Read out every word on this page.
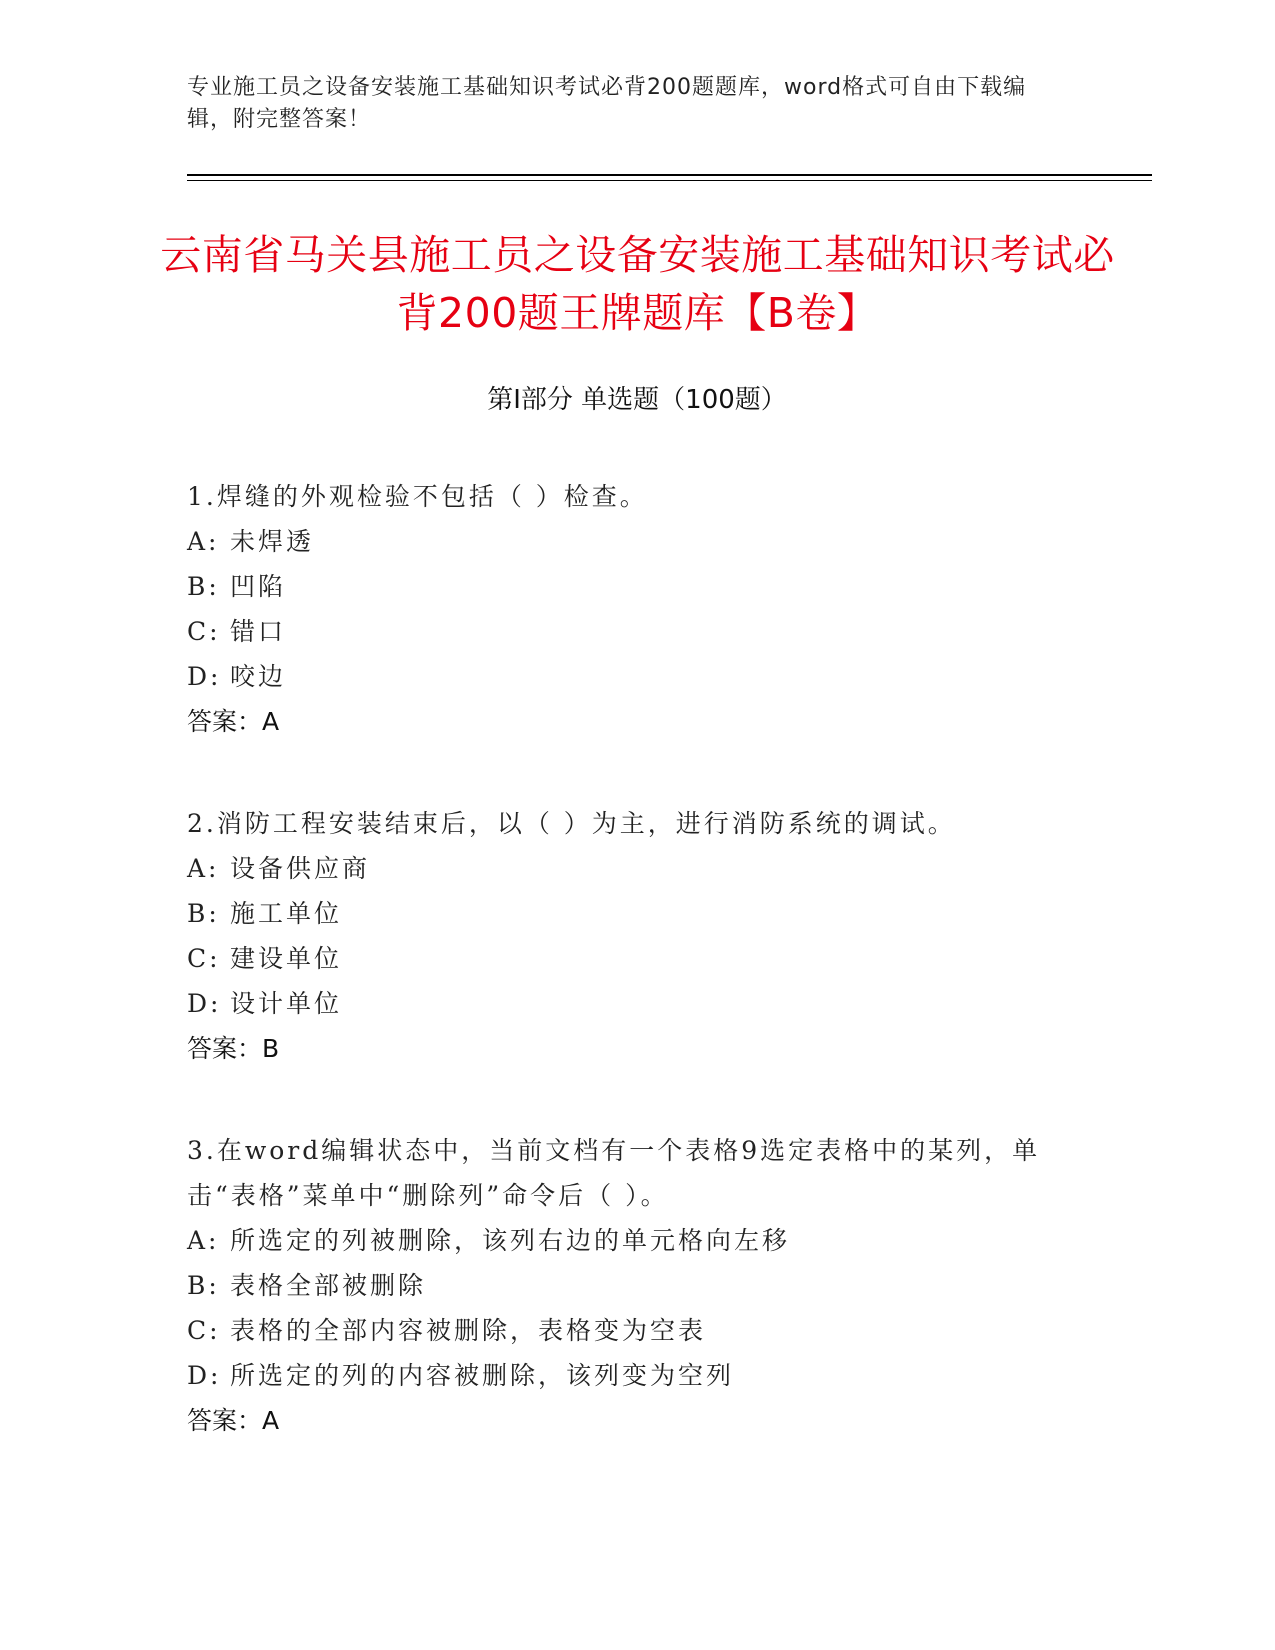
专业施工员之设备安装施工基础知识考试必背200题题库，word格式可自由下载编辑，附完整答案！
云南省马关县施工员之设备安装施工基础知识考试必背200题王牌题库【B卷】
第Ⅰ部分 单选题（100题）

1.焊缝的外观检验不包括（ ）检查。

A: 未焊透

B: 凹陷

C: 错口

D: 咬边

答案：A

2.消防工程安装结束后，以（ ）为主，进行消防系统的调试。

A: 设备供应商

B: 施工单位

C: 建设单位

D: 设计单位

答案：B

3.在word编辑状态中，当前文档有一个表格9选定表格中的某列，单击“表格”菜单中“删除列”命令后（ ）。

A: 所选定的列被删除，该列右边的单元格向左移

B: 表格全部被删除

C: 表格的全部内容被删除，表格变为空表

D: 所选定的列的内容被删除，该列变为空列

答案：A
